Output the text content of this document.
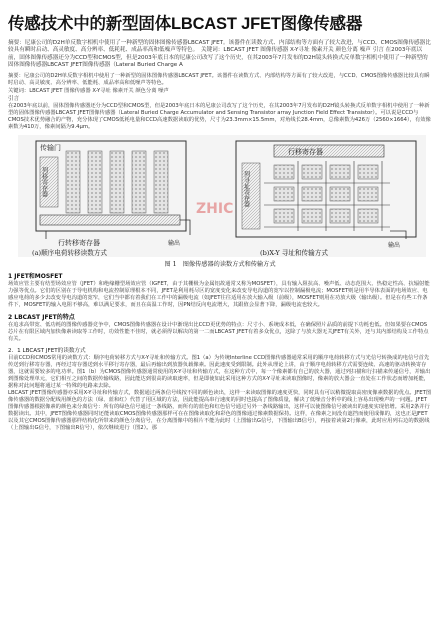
传感技术中的新型固体LBCAST JFET图像传感器

摘要：尼康公司的D2H单反数字相机中使用了一种新型的固体图像传感器LBCAST JFET。该器件在读数方式、内部结构等方面有了较大改进，与CCD、CMOS图像传感器比较具有瞬时启动、高灵敏度、高分辨率、低耗耗、成品率高和低噪声等特色。　关键词：LBCAST JFET 图像传感器 X-Y寻址 像素开关 颜色分离 噪声 引言 在2003年底以前，固体图像传感器还分为CCD型和CMOS型，但是2003年底日本的尼康公司改写了这个历史，在其2003年7月发布的D2H镜头转换式反单数字相机中使用了一种新型的固体图像传感器LBCAST JFET图像传感器（Lateral Buried Charge A

摘要：尼康公司的D2H单反数字相机中使用了一种新型的固体图像传感器LBCAST JFET。该器件在读数方式、内部结构等方面有了较大改进，与CCD、CMOS图像传感器比较具有瞬时启动、高灵敏度、高分辨率、低能耗、成品率高和低噪声等特色。

关键词：LBCAST JFET 图像传感器 X-Y寻址 像素开关 颜色分离 噪声

引言

在2003年底以前，固体图像传感器还分为CCD型和CMOS型，但是2003年底日本的尼康公司改写了这个历史，在其2003年7月发布的D2H镜头转换式反单数字相机中使用了一种新型的固体图像传感器LBCAST JFET图像传感器（Lateral Buried Charge Accumulator and Sensing Transistor array Junction Field Effect Transistor）。可以说是CCD与CMOS技术优势融合的产物，充分体现了CMOS低耗电量和CCD高速数据读取的优势，尺寸为23.3mm×15.5mm，对角线长28.4mm，总像素数为426万（2560×1664），有效像素数为410万，像素间隔为9.4μm。

传输门
列移寄存器
行转移寄存器	输出
ZHIC
行移寄存器
列寻址寄存器
输出
(a)顺序电荷转移读数方式	(b)X-Y 寻址和传输方式
图 1　图像传感器的读数方式和传输方式
1 JFET和MOSFET

场效应管主要有结型场效应管（JFET）和绝缘栅型场效应管（IGFET，由于其栅极为金属铝故通常又称为MOSFET），具有输入阻抗高、噪声低、动态范围大、热稳定性高、抗辐射能力强等优点。它们的区别在于导电机构和电流控制原理根本不同，JFET是利用耗尽区的宽度变化来改变导电沟道的宽窄以控制漏极电流；MOSFET则是用半导体表面的电场效应、电感应电荷的多少去改变导电沟道的宽窄，它们当中都有着我们在工作中的漏极电流（如JFET往往适用在放大输入级（前级），MOSFET则用在功放大级（输出级）。但是在有些工作条件下，MOSFET的输入电阻不够高，难以满足要求，而且在高温工作时，因PN结反向电流增大，其跟值会显著下降，漏级电流也较大。

2 LBCAST JFET的特点

在追求高带宽、低功耗的图像传感器竞争中，CMOS图像传感器在设计中渐现出比CCD更优势的特点：尺寸小、系统成本低，在确保照片品质的前提下功耗也低。但如果要在CMOS芯片在有限区域内加快像素读取等工作时，功效性能不佳时，就必须得以解决的第一二而LBCAST JFET有着多众优点，这除了与放大器无关JFET有关外，还与其内部结构及工作特点有关。

2．1 LBCAST JFET的读数方式

目前CCD和CMOS常用的读数方式：顺序电荷转移方式与X-Y寻址和传输方式。图1（a）为传统Interline CCD图像传感器通常采用的顺序电荷转移方式与光信号转换成的电信号首先传送到行移寄存器，再经过寄存器送到水平移行寄存器，最后再输出到放器负载像素。因此速度受到限制。此外从理论上讲，由于顺序电荷转移方式需要连续、高速的驱动转换寄存器，这就需要较多的电功率。图1（b）为CMOS图像传感器通常使用的X-Y寻址和传输方式，在这种方式中，每一个像素都有自己的放大器，通过列扫描和行扫描来传递信号，并输出到图像处理单元，它们相互之间的数据传输线路，因此能达到很高的读取速率，但是即使如此采用这种方式的X-Y寻址来读取图像时，像素的放大器会一直处在工作状态而增加耗能，据称对此问题将通过某一特殊的电路来去除。

LBCAST JFET图像传感器亦采用X-Y寻址和传输方式，数据通过两条信号线按不同的颜色读出，这样一来读取图像的速度更快，同时具有可以稍微提取高密度像素数据的优点。JFET图像传感器的数据分配线用颜色的方法（绿、蓝和红）代替了用区域的方法，因此能提高串行速度的同时也提高了图像质量，解决了低噪音分析中的线上容易出现噪声的一问题。JFET图像传感器根据像素的颜色来分离信号：所有的绿色信号通过一条线路，而所有的蓝色和红色信号通过另外一条线路输出，这样可以使图像信号被读出的速度实现倍增。采用2条并行数据读出。其中，JFET图像传感器同时还能读取CMOS图像传感器那样可在在图像读取化和彩色的图像通过像素数据保持。这样，在像素之间没有遮挡而使用成像的，这也正是JFET以及其它CMOS图像传感器那样结构化所带来的颜色分离信号，在分离图像中的相片不能为此时（上图输出G信号，下图输出B信号），再接着读第2行像素，此时应用列右边的数据线（上图输出G信号，下图输出R信号），依次继续进行（图2）。那
